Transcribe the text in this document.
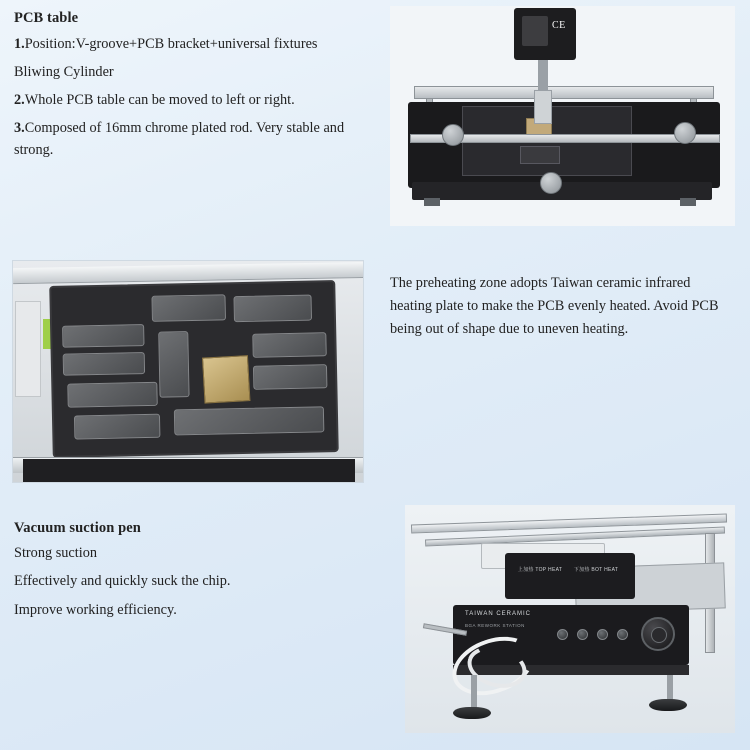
PCB table

1.Position:V-groove+PCB bracket+universal fixtures

Bliwing Cylinder

2.Whole PCB table can be moved to left or right.

3.Composed of 16mm chrome plated rod. Very stable and strong.

CE

The preheating zone adopts Taiwan ceramic infrared heating plate to make the PCB evenly heated. Avoid PCB being out of shape due to uneven heating.

Vacuum suction pen

Strong suction

Effectively and quickly suck the chip.

Improve working efficiency.

上加热 TOP HEAT 下加热 BOT HEAT
TAIWAN CERAMIC
BGA REWORK STATION
